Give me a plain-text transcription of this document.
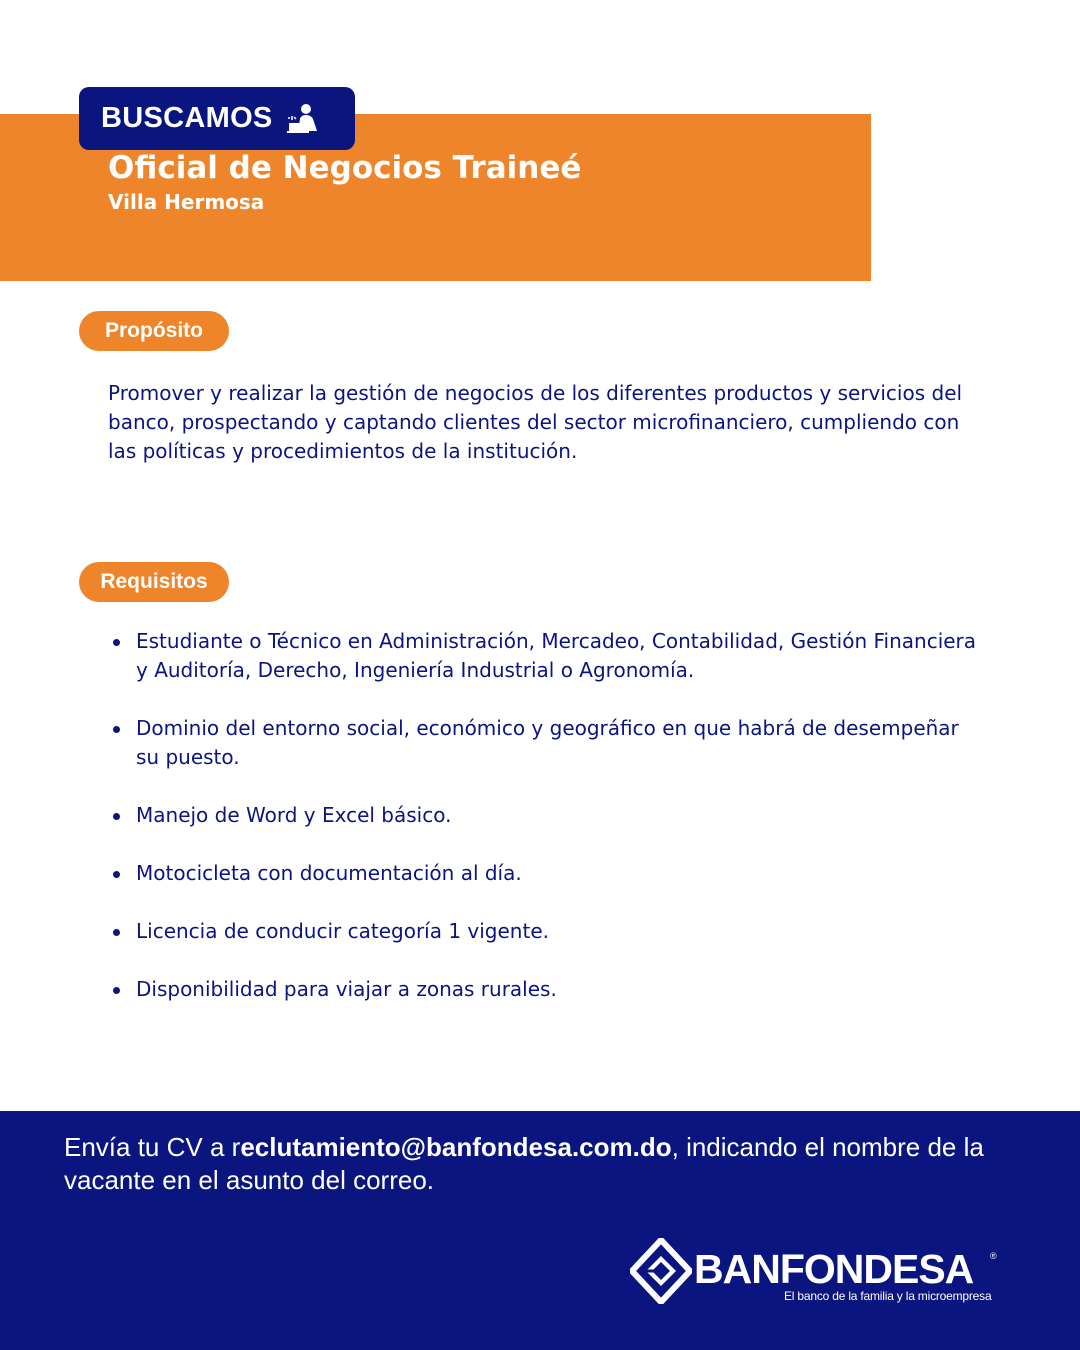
BUSCAMOS
Oficial de Negocios Traineé
Villa Hermosa
Propósito
Promover y realizar la gestión de negocios de los diferentes productos y servicios del banco, prospectando y captando clientes del sector microfinanciero, cumpliendo con las políticas y procedimientos de la institución.
Requisitos
Estudiante o Técnico en Administración, Mercadeo, Contabilidad, Gestión Financiera y Auditoría, Derecho, Ingeniería Industrial o Agronomía.
Dominio del entorno social, económico y geográfico en que habrá de desempeñar su puesto.
Manejo de Word y Excel básico.
Motocicleta con documentación al día.
Licencia de conducir categoría 1 vigente.
Disponibilidad para viajar a zonas rurales.
Envía tu CV a reclutamiento@banfondesa.com.do, indicando el nombre de la vacante en el asunto del correo.
BANFONDESA ®
El banco de la familia y la microempresa
